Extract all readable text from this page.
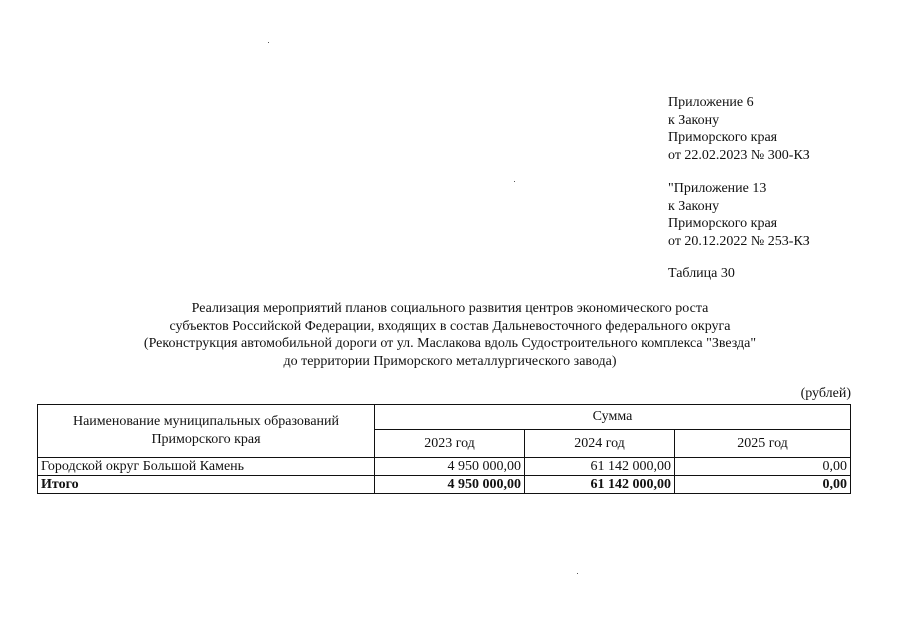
Приложение 6
к Закону
Приморского края
от 22.02.2023 № 300-КЗ
"Приложение 13
к Закону
Приморского края
от 20.12.2022 № 253-КЗ
Таблица 30
Реализация мероприятий планов социального развития центров экономического роста
субъектов Российской Федерации, входящих в состав Дальневосточного федерального округа
(Реконструкция автомобильной дороги от ул. Маслакова вдоль Судостроительного комплекса "Звезда"
до территории Приморского металлургического завода)
(рублей)
Наименование муниципальных образований Приморского края	Сумма		
	2023 год	2024 год	2025 год
Городской округ Большой Камень	4 950 000,00	61 142 000,00	0,00
Итого	4 950 000,00	61 142 000,00	0,00
